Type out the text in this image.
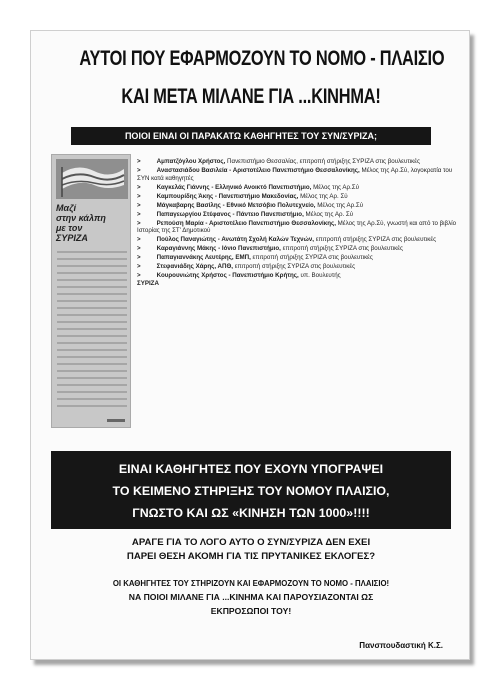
ΑΥΤΟΙ ΠΟΥ ΕΦΑΡΜΟΖΟΥΝ ΤΟ ΝΟΜΟ - ΠΛΑΙΣΙΟ
ΚΑΙ ΜΕΤΑ ΜΙΛΑΝΕ ΓΙΑ ...ΚΙΝΗΜΑ!
ΠΟΙΟΙ ΕΙΝΑΙ ΟΙ ΠΑΡΑΚΑΤΩ ΚΑΘΗΓΗΤΕΣ ΤΟΥ ΣΥΝ/ΣΥΡΙΖΑ;
Μαζί
στην κάλπη
με τον
ΣΥΡΙΖΑ
>	Αμπατζόγλου Χρήστος, Πανεπιστήμιο Θεσσαλίας, επιτροπή στήριξης ΣΥΡΙΖΑ στις βουλευτικές
>	Αναστασιάδου Βασιλεία - Αριστοτέλειο Πανεπιστήμιο Θεσσαλονίκης, Μέλος της Αρ.Σύ, λογοκρατία του ΣΥΝ κατά καθηγητές
>	Καγκελάς Γιάννης - Ελληνικό Ανοικτό Πανεπιστήμιο, Μέλος της Αρ.Σύ
>	Καμπουρίδης Άκης - Πανεπιστήμιο Μακεδονίας, Μέλος της Αρ. Σύ
>	Μάγκαβαρης Βασίλης - Εθνικό Μετσόβιο Πολυτεχνείο, Μέλος της Αρ.Σύ
>	Παπαγεωργίου Στέφανος - Πάντειο Πανεπιστήμιο, Μέλος της Αρ. Σύ
>	Ρεπούση Μαρία - Αριστοτέλειο Πανεπιστήμιο Θεσσαλονίκης, Μέλος της Αρ.Σύ, γνωστή και από το βιβλίο Ιστορίας της ΣΤ' Δημοτικού
>	Πούλος Παναγιώτης - Ανωτάτη Σχολή Καλών Τεχνών, επιτροπή στήριξης ΣΥΡΙΖΑ στις βουλευτικές
>	Καραγιάννης Μάκης - Ιόνιο Πανεπιστήμιο, επιτροπή στήριξης ΣΥΡΙΖΑ στις βουλευτικές
>	Παπαγιαννάκης Λευτέρης, ΕΜΠ, επιτροπή στήριξης ΣΥΡΙΖΑ στις βουλευτικές
>	Στεφανιάδης Χάρης, ΑΠΘ, επιτροπή στήριξης ΣΥΡΙΖΑ στις βουλευτικές
>	Κουρουνιώτης Χρήστος - Πανεπιστήμιο Κρήτης, υπ. Βουλευτής
ΣΥΡΙΖΑ
ΕΙΝΑΙ ΚΑΘΗΓΗΤΕΣ ΠΟΥ ΕΧΟΥΝ ΥΠΟΓΡΑΨΕΙ
ΤΟ ΚΕΙΜΕΝΟ ΣΤΗΡΙΞΗΣ ΤΟΥ ΝΟΜΟΥ ΠΛΑΙΣΙΟ,
ΓΝΩΣΤΟ ΚΑΙ ΩΣ «ΚΙΝΗΣΗ ΤΩΝ 1000»!!!!
ΑΡΑΓΕ ΓΙΑ ΤΟ ΛΟΓΟ ΑΥΤΟ Ο ΣΥΝ/ΣΥΡΙΖΑ ΔΕΝ ΕΧΕΙ
ΠΑΡΕΙ ΘΕΣΗ ΑΚΟΜΗ ΓΙΑ ΤΙΣ ΠΡΥΤΑΝΙΚΕΣ ΕΚΛΟΓΕΣ?
ΟΙ ΚΑΘΗΓΗΤΕΣ ΤΟΥ ΣΤΗΡΙΖΟΥΝ ΚΑΙ ΕΦΑΡΜΟΖΟΥΝ ΤΟ ΝΟΜΟ - ΠΛΑΙΣΙΟ!
ΝΑ ΠΟΙΟΙ ΜΙΛΑΝΕ ΓΙΑ ...ΚΙΝΗΜΑ ΚΑΙ ΠΑΡΟΥΣΙΑΖΟΝΤΑΙ ΩΣ
ΕΚΠΡΟΣΩΠΟΙ ΤΟΥ!
Πανσπουδαστική Κ.Σ.
